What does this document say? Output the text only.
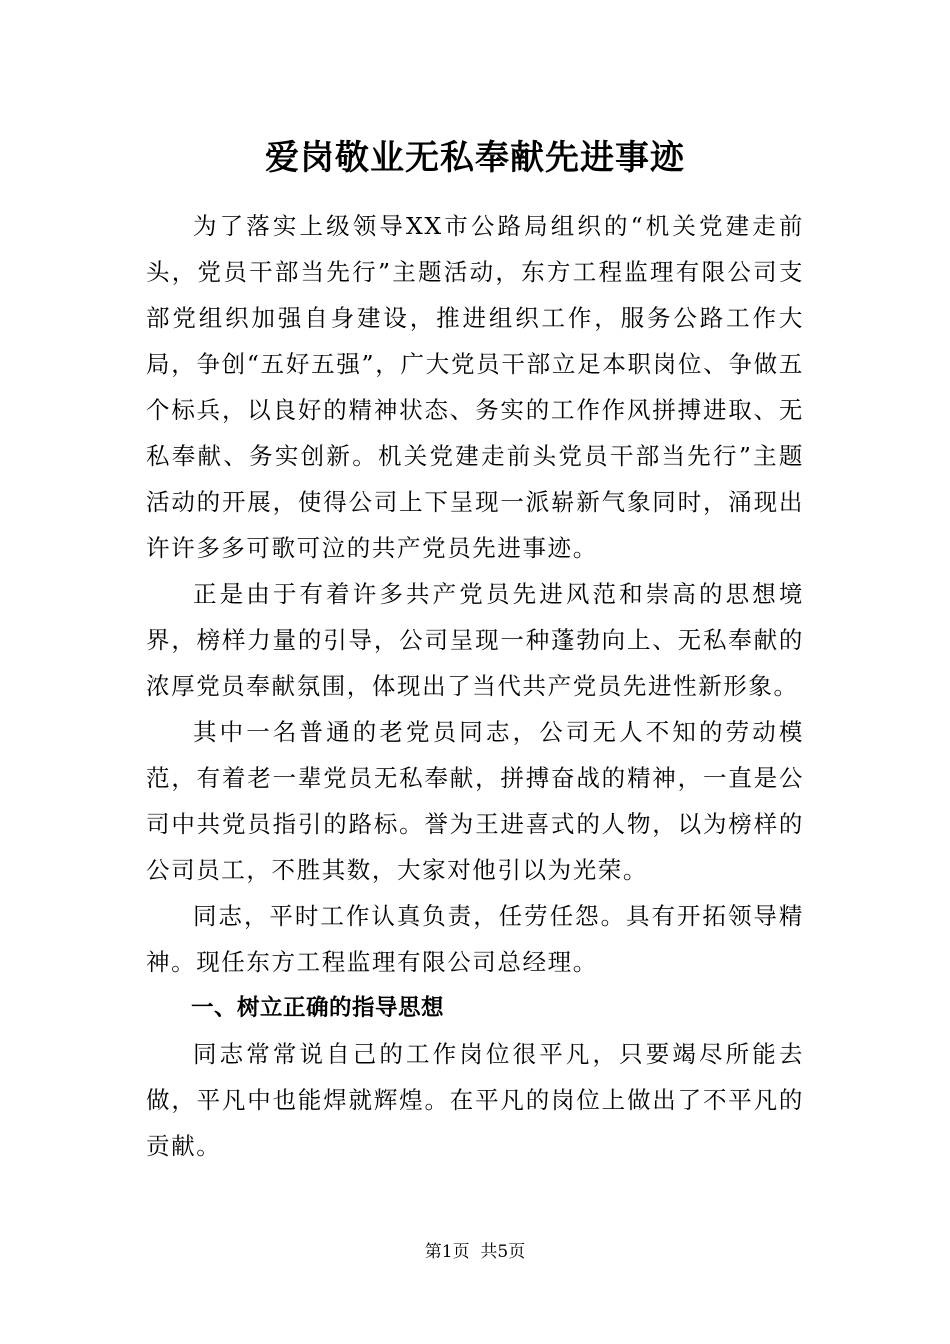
爱岗敬业无私奉献先进事迹

为了落实上级领导XX市公路局组织的“机关党建走前头，党员干部当先行”主题活动，东方工程监理有限公司支部党组织加强自身建设，推进组织工作，服务公路工作大局，争创“五好五强”，广大党员干部立足本职岗位、争做五个标兵，以良好的精神状态、务实的工作作风拼搏进取、无私奉献、务实创新。机关党建走前头党员干部当先行”主题活动的开展，使得公司上下呈现一派崭新气象同时，涌现出许许多多可歌可泣的共产党员先进事迹。

正是由于有着许多共产党员先进风范和崇高的思想境界，榜样力量的引导，公司呈现一种蓬勃向上、无私奉献的浓厚党员奉献氛围，体现出了当代共产党员先进性新形象。

其中一名普通的老党员同志，公司无人不知的劳动模范，有着老一辈党员无私奉献，拼搏奋战的精神，一直是公司中共党员指引的路标。誉为王进喜式的人物，以为榜样的公司员工，不胜其数，大家对他引以为光荣。

同志，平时工作认真负责，任劳任怨。具有开拓领导精神。现任东方工程监理有限公司总经理。

一、树立正确的指导思想

同志常常说自己的工作岗位很平凡，只要竭尽所能去做，平凡中也能焊就辉煌。在平凡的岗位上做出了不平凡的贡献。

第1页 共5页
